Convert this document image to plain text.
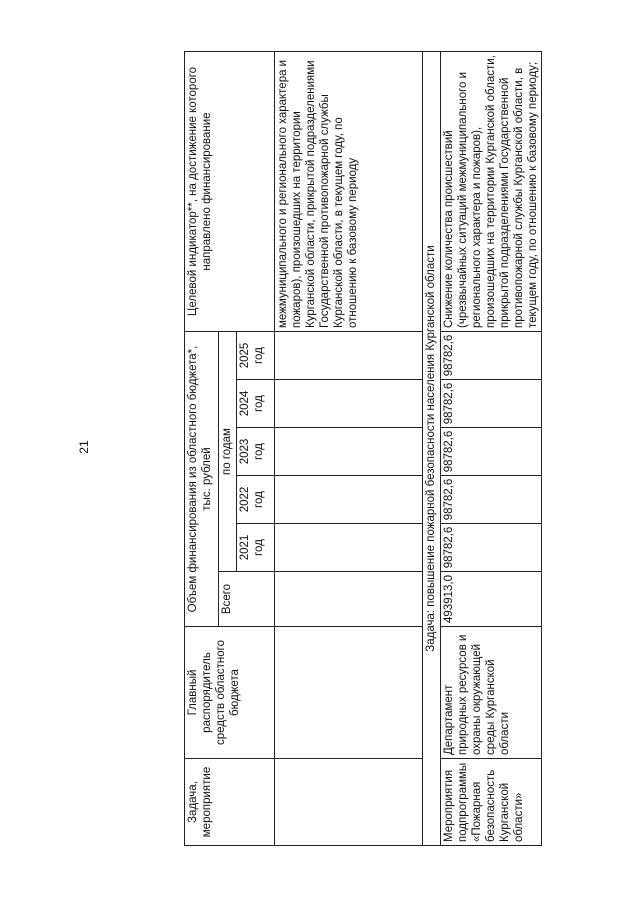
21
Задача, мероприятие	Главный распорядитель средств областного бюджета	Объем финансирования из областного бюджета*, тыс. рублей						Целевой индикатор**, на достижение которого направлено финансирование
		Всего	по годам					
			2021 год	2022 год	2023 год	2024 год	2025 год	
								межмуниципального и регионального характера и пожаров), произошедших на территории Курганской области, прикрытой подразделениями Государственной противопожарной службы Курганской области, в текущем году, по отношению к базовому периоду
Задача: повышение пожарной безопасности населения Курганской области								
Мероприятия подпрограммы «Пожарная безопасность Курганской области»	Департамент природных ресурсов и охраны окружающей среды Курганской области	493913,0	98782,6	98782,6	98782,6	98782,6	98782,6	Снижение количества происшествий (чрезвычайных ситуаций межмуниципального и регионального характера и пожаров), произошедших на территории Курганской области, прикрытой подразделениями Государственной противопожарной службы Курганской области, в текущем году, по отношению к базовому периоду;
